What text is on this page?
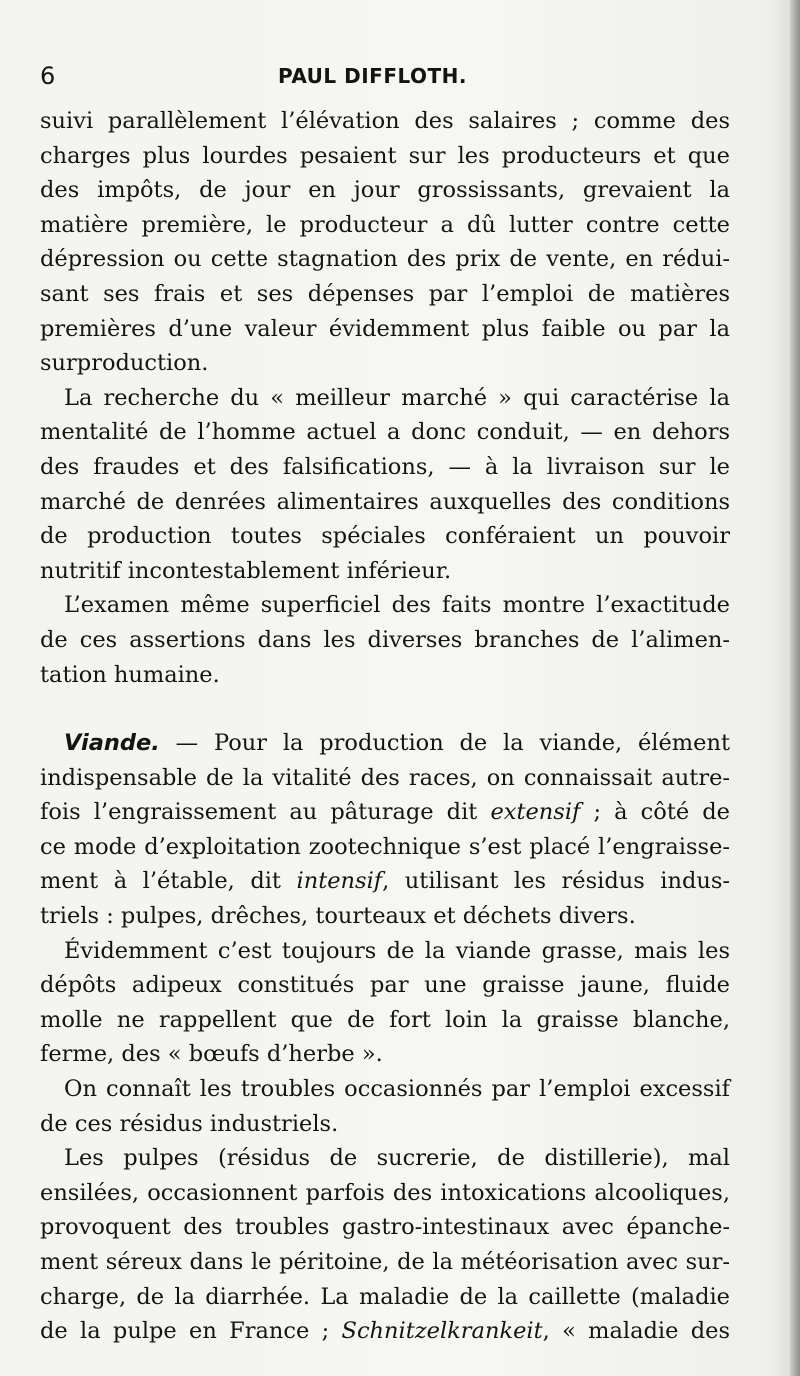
6	PAUL DIFFLOTH.
suivi parallèlement l’élévation des salaires ; comme des
charges plus lourdes pesaient sur les producteurs et que
des impôts, de jour en jour grossissants, grevaient la
matière première, le producteur a dû lutter contre cette
dépression ou cette stagnation des prix de vente, en rédui-
sant ses frais et ses dépenses par l’emploi de matières
premières d’une valeur évidemment plus faible ou par la
surproduction.
La recherche du « meilleur marché » qui caractérise la
mentalité de l’homme actuel a donc conduit, — en dehors
des fraudes et des falsifications, — à la livraison sur le
marché de denrées alimentaires auxquelles des conditions
de production toutes spéciales conféraient un pouvoir
nutritif incontestablement inférieur.
L’examen même superficiel des faits montre l’exactitude
de ces assertions dans les diverses branches de l’alimen-
tation humaine.
Viande. — Pour la production de la viande, élément
indispensable de la vitalité des races, on connaissait autre-
fois l’engraissement au pâturage dit extensif ; à côté de
ce mode d’exploitation zootechnique s’est placé l’engraisse-
ment à l’étable, dit intensif, utilisant les résidus indus-
triels : pulpes, drêches, tourteaux et déchets divers.
Évidemment c’est toujours de la viande grasse, mais les
dépôts adipeux constitués par une graisse jaune, fluide
molle ne rappellent que de fort loin la graisse blanche,
ferme, des « bœufs d’herbe ».
On connaît les troubles occasionnés par l’emploi excessif
de ces résidus industriels.
Les pulpes (résidus de sucrerie, de distillerie), mal
ensilées, occasionnent parfois des intoxications alcooliques,
provoquent des troubles gastro-intestinaux avec épanche-
ment séreux dans le péritoine, de la météorisation avec sur-
charge, de la diarrhée. La maladie de la caillette (maladie
de la pulpe en France ; Schnitzelkrankeit, « maladie des
